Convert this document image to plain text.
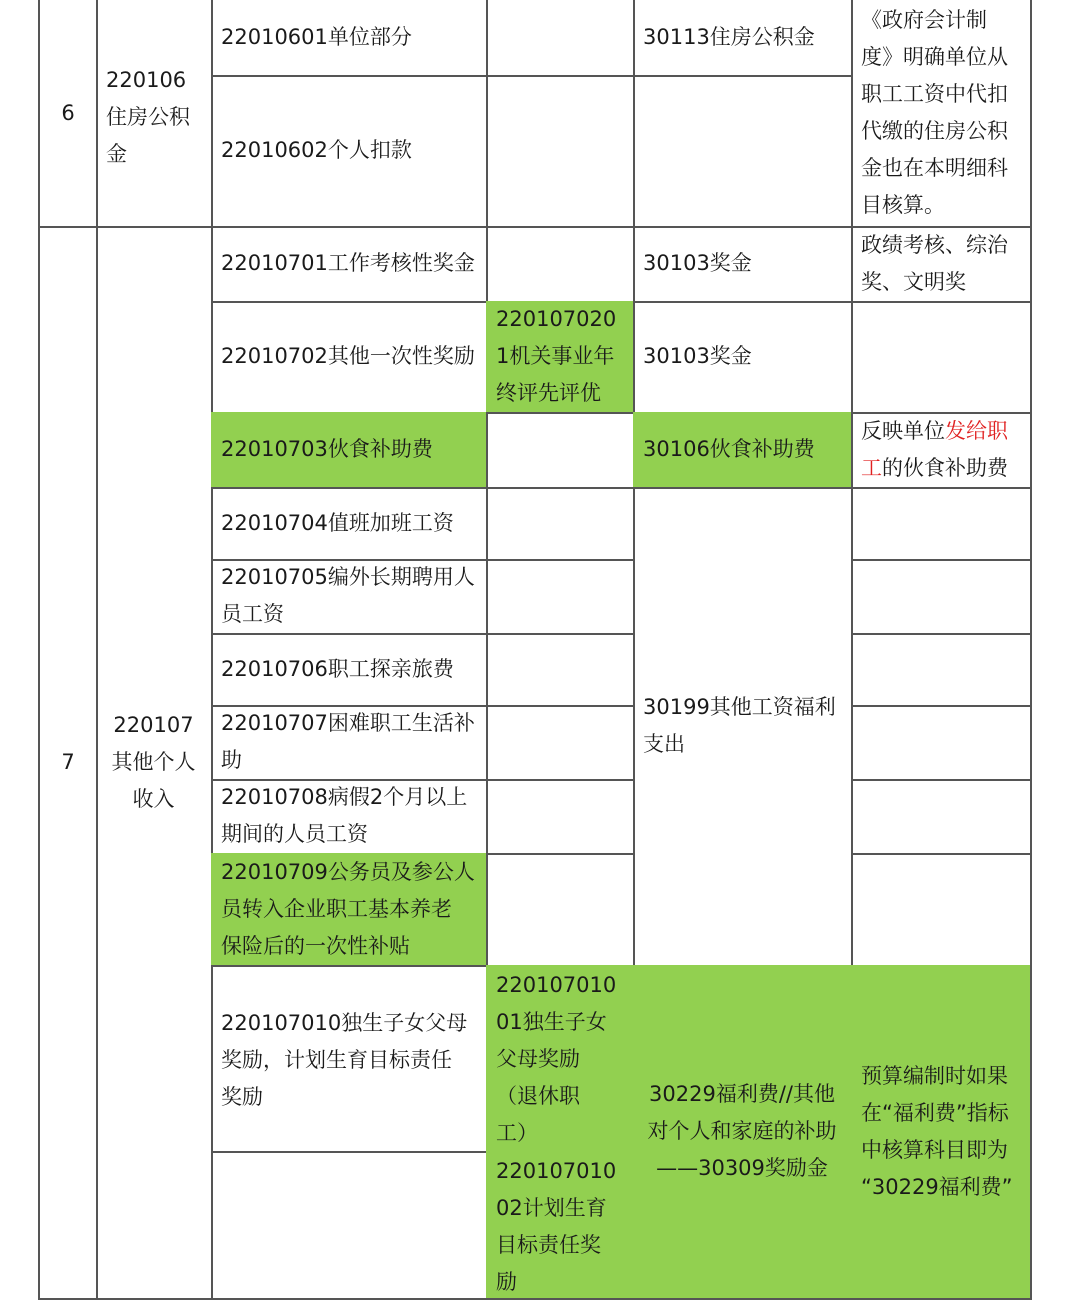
6
220106
住房公积
金
22010601单位部分
22010602个人扣款
30113住房公积金
《政府会计制
度》明确单位从
职工工资中代扣
代缴的住房公积
金也在本明细科
目核算。
7
220107
其他个人
收入
22010701工作考核性奖金	30103奖金
政绩考核、综治
奖、文明奖
22010702其他一次性奖励
220107020
1机关事业年
终评先评优
30103奖金
22010703伙食补助费	30106伙食补助费
反映单位发给职
工的伙食补助费
22010704值班加班工资
22010705编外长期聘用人
员工资
22010706职工探亲旅费
22010707困难职工生活补
助
22010708病假2个月以上
期间的人员工资
22010709公务员及参公人
员转入企业职工基本养老
保险后的一次性补贴
30199其他工资福利
支出
220107010独生子女父母
奖励，计划生育目标责任
奖励
220107010
01独生子女
父母奖励
（退休职
工）
220107010
02计划生育
目标责任奖
励
30229福利费//其他
对个人和家庭的补助
——30309奖励金
预算编制时如果
在“福利费”指标
中核算科目即为
“30229福利费”
